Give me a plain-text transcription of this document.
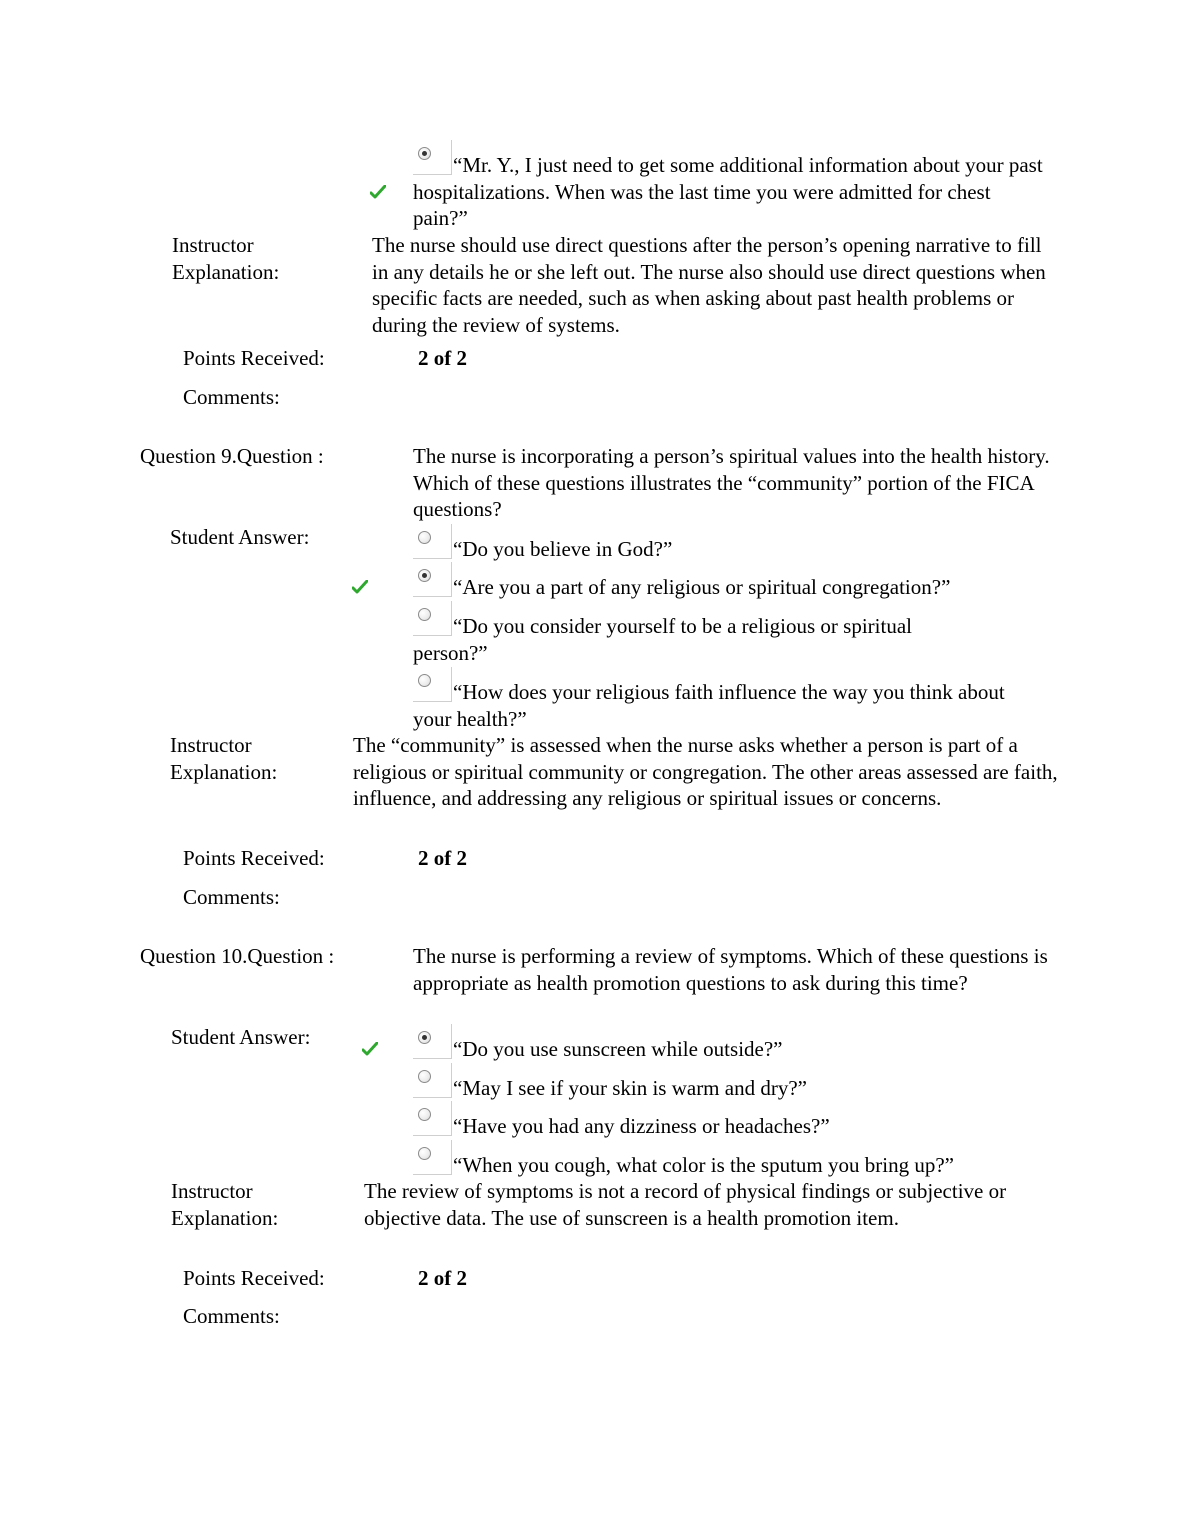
“Mr. Y., I just need to get some additional information about your past hospitalizations. When was the last time you were admitted for chest pain?”
Instructor Explanation:
The nurse should use direct questions after the person’s opening narrative to fill in any details he or she left out. The nurse also should use direct questions when specific facts are needed, such as when asking about past health problems or during the review of systems.
Points Received:	2 of 2
Comments:
Question 9.Question :	The nurse is incorporating a person’s spiritual values into the health history. Which of these questions illustrates the “community” portion of the FICA questions?
Student Answer:	“Do you believe in God?”
“Are you a part of any religious or spiritual congregation?”
“Do you consider yourself to be a religious or spiritual person?”
“How does your religious faith influence the way you think about your health?”
Instructor Explanation:
The “community” is assessed when the nurse asks whether a person is part of a religious or spiritual community or congregation. The other areas assessed are faith, influence, and addressing any religious or spiritual issues or concerns.
Points Received:	2 of 2
Comments:
Question 10.Question :	The nurse is performing a review of symptoms. Which of these questions is appropriate as health promotion questions to ask during this time?
Student Answer:	“Do you use sunscreen while outside?”
“May I see if your skin is warm and dry?”
“Have you had any dizziness or headaches?”
“When you cough, what color is the sputum you bring up?”
Instructor Explanation:
The review of symptoms is not a record of physical findings or subjective or objective data. The use of sunscreen is a health promotion item.
Points Received:	2 of 2
Comments:
